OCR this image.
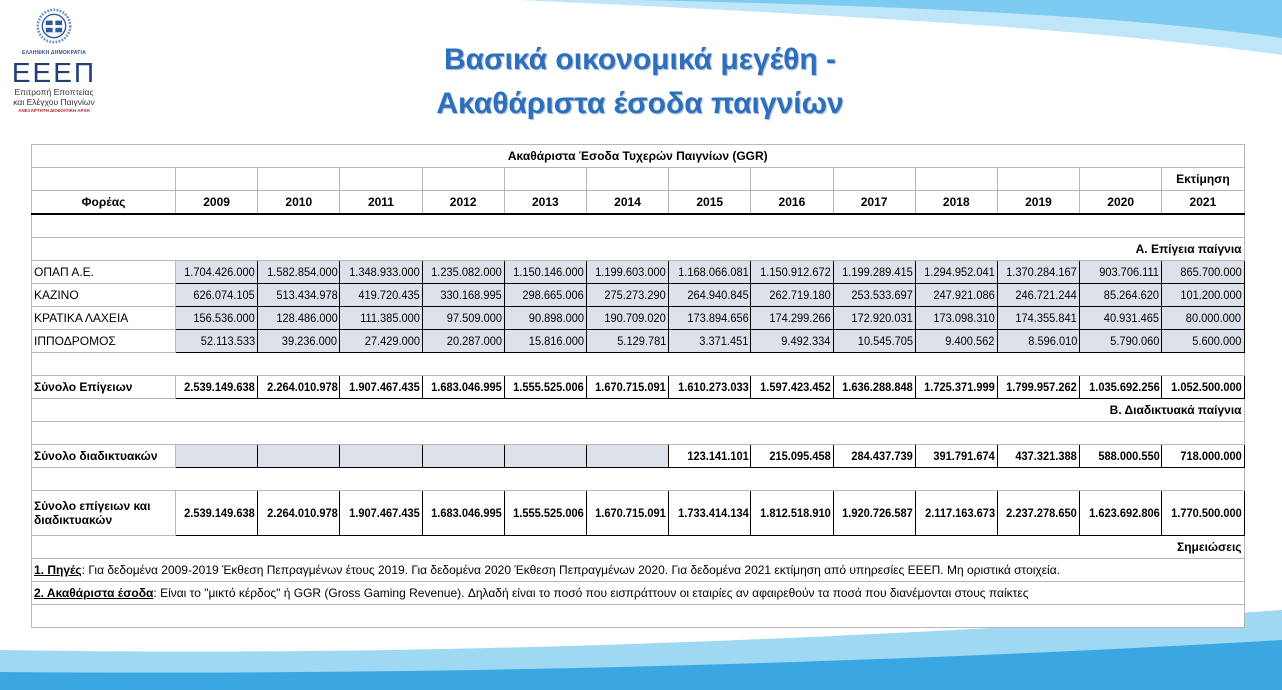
ΕΛΛΗΝΙΚΗ ΔΗΜΟΚΡΑΤΙΑ
ΕΕΕΠ
Επιτροπή Εποπτείας
και Ελέγχου Παιγνίων
ΑΝΕΞΑΡΤΗΤΗ ΔΙΟΙΚΗΤΙΚΗ ΑΡΧΗ
Βασικά οικονομικά μεγέθη -
Ακαθάριστα έσοδα παιγνίων
Ακαθάριστα Έσοδα Τυχερών Παιγνίων (GGR)													
													Εκτίμηση
Φορέας	2009	2010	2011	2012	2013	2014	2015	2016	2017	2018	2019	2020	2021

Α. Επίγεια παίγνια													
ΟΠΑΠ Α.Ε.	1.704.426.000	1.582.854.000	1.348.933.000	1.235.082.000	1.150.146.000	1.199.603.000	1.168.066.081	1.150.912.672	1.199.289.415	1.294.952.041	1.370.284.167	903.706.111	865.700.000
ΚΑΖΙΝΟ	626.074.105	513.434.978	419.720.435	330.168.995	298.665.006	275.273.290	264.940.845	262.719.180	253.533.697	247.921.086	246.721.244	85.264.620	101.200.000
ΚΡΑΤΙΚΑ ΛΑΧΕΙΑ	156.536.000	128.486.000	111.385.000	97.509.000	90.898.000	190.709.020	173.894.656	174.299.266	172.920.031	173.098.310	174.355.841	40.931.465	80.000.000
ΙΠΠΟΔΡΟΜΟΣ	52.113.533	39.236.000	27.429.000	20.287.000	15.816.000	5.129.781	3.371.451	9.492.334	10.545.705	9.400.562	8.596.010	5.790.060	5.600.000

Σύνολο Επίγειων	2.539.149.638	2.264.010.978	1.907.467.435	1.683.046.995	1.555.525.006	1.670.715.091	1.610.273.033	1.597.423.452	1.636.288.848	1.725.371.999	1.799.957.262	1.035.692.256	1.052.500.000
Β. Διαδικτυακά παίγνια													

Σύνολο διαδικτυακών							123.141.101	215.095.458	284.437.739	391.791.674	437.321.388	588.000.550	718.000.000

Σύνολο επίγειων και
διαδικτυακών	2.539.149.638	2.264.010.978	1.907.467.435	1.683.046.995	1.555.525.006	1.670.715.091	1.733.414.134	1.812.518.910	1.920.726.587	2.117.163.673	2.237.278.650	1.623.692.806	1.770.500.000
Σημειώσεις													
1. Πηγές: Για δεδομένα 2009-2019 Έκθεση Πεπραγμένων έτους 2019. Για δεδομένα 2020 Έκθεση Πεπραγμένων 2020. Για δεδομένα 2021 εκτίμηση από υπηρεσίες ΕΕΕΠ. Μη οριστικά στοιχεία.													
2. Ακαθάριστα έσοδα: Είναι το "μικτό κέρδος" ή GGR (Gross Gaming Revenue). Δηλαδή είναι το ποσό που εισπράττουν οι εταιρίες αν αφαιρεθούν τα ποσά που διανέμονται στους παίκτες													
